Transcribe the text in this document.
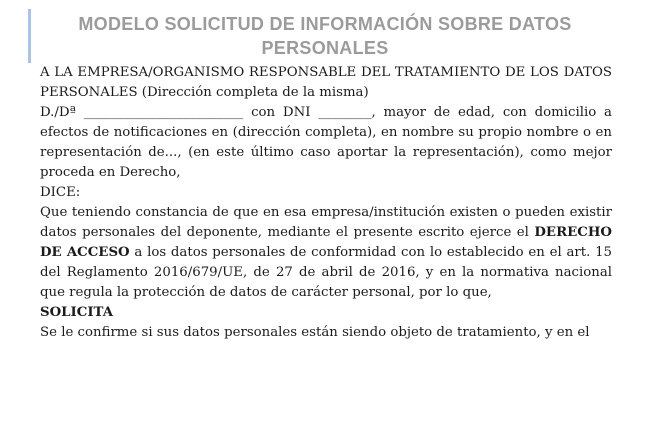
MODELO SOLICITUD DE INFORMACIÓN SOBRE DATOS PERSONALES

A LA EMPRESA/ORGANISMO RESPONSABLE DEL TRATAMIENTO DE LOS DATOS PERSONALES (Dirección completa de la misma)

D./Dª ________________________ con DNI ________, mayor de edad, con domicilio a efectos de notificaciones en (dirección completa), en nombre su propio nombre o en representación de..., (en este último caso aportar la representación), como mejor proceda en Derecho,

DICE:

Que teniendo constancia de que en esa empresa/institución existen o pueden existir datos personales del deponente, mediante el presente escrito ejerce el DERECHO DE ACCESO a los datos personales de conformidad con lo establecido en el art. 15 del Reglamento 2016/679/UE, de 27 de abril de 2016, y en la normativa nacional que regula la protección de datos de carácter personal, por lo que,

SOLICITA

Se le confirme si sus datos personales están siendo objeto de tratamiento, y en el
